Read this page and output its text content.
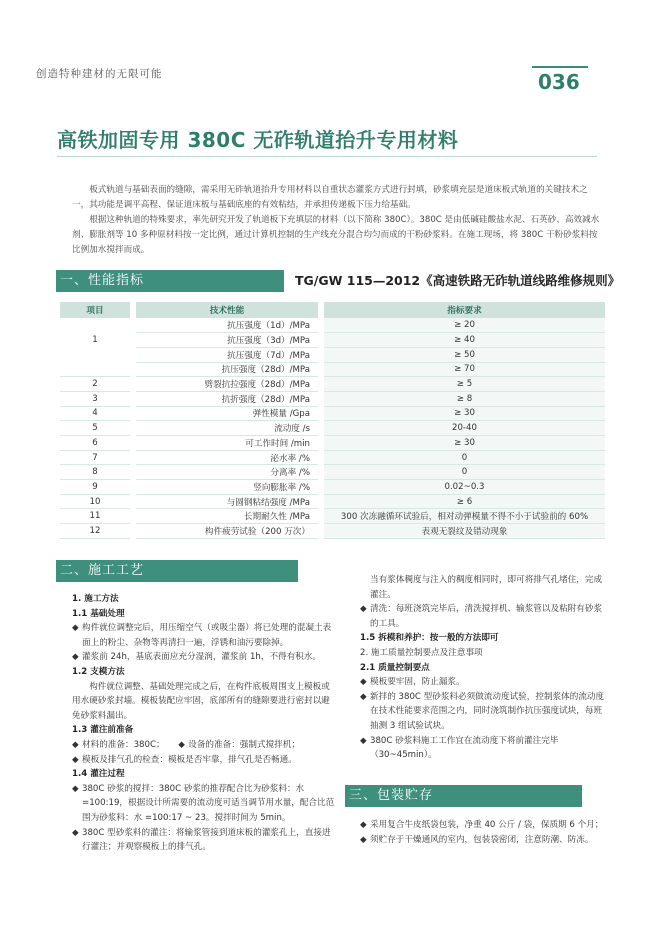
创造特种建材的无限可能	036
高铁加固专用 380C 无砟轨道抬升专用材料

板式轨道与基础表面的缝隙，需采用无砟轨道抬升专用材料以自重状态灌浆方式进行封填，砂浆填充层是道床板式轨道的关键技术之一，其功能是调平高程、保证道床板与基础底座的有效粘结，并承担传递板下压力给基础。

根据这种轨道的特殊要求，率先研究开发了轨道板下充填层的材料（以下简称 380C）。380C 是由低碱硅酸盐水泥、石英砂、高效减水剂、膨胀剂等 10 多种原材料按一定比例，通过计算机控制的生产线充分混合均匀而成的干粉砂浆料。在施工现场，将 380C 干粉砂浆料按比例加水搅拌而成。

一、性能指标	TG/GW 115—2012《高速铁路无砟轨道线路维修规则》
项目		技术性能		指标要求
		抗压强度（1d）/MPa		≥ 20
1		抗压强度（3d）/MPa		≥ 40
		抗压强度（7d）/MPa		≥ 50
		抗压强度（28d）/MPa		≥ 70
2		劈裂抗拉强度（28d）/MPa		≥ 5
3		抗折强度（28d）/MPa		≥ 8
4		弹性模量 /Gpa		≥ 30
5		流动度 /s		20-40
6		可工作时间 /min		≥ 30
7		泌水率 /%		0
8		分离率 /%		0
9		竖向膨胀率 /%		0.02~0.3
10		与圆钢粘结强度 /MPa		≥ 6
11		长期耐久性 /MPa		300 次冻融循环试验后，相对动弹模量不得不小于试验前的 60%
12		构件疲劳试验（200 万次）		表观无裂纹及错动现象
二、施工工艺
1. 施工方法
1.1 基础处理
◆ 构件就位调整完后，用压缩空气（或吸尘器）将已处理的混凝土表面上的粉尘、杂物等再清扫一遍，浮锈和油污要除掉。
◆ 灌浆前 24h，基底表面应充分湿润，灌浆前 1h，不得有积水。
1.2 支模方法
构件就位调整、基础处理完成之后，在构件底板周围支上模板或用水硬砂浆封墙。模板装配应牢固，底部所有的缝隙要进行密封以避免砂浆料漏出。
1.3 灌注前准备
◆ 材料的准备：380C； ◆ 设备的准备：强制式搅拌机；
◆ 模板及排气孔的检查：模板是否牢靠，排气孔是否畅通。
1.4 灌注过程
◆ 380C 砂浆的搅拌：380C 砂浆的推荐配合比为砂浆料：水 =100:19，根据设计所需要的流动度可适当调节用水量，配合比范围为砂浆料：水 =100:17 ~ 23。搅拌时间为 5min。
◆ 380C 型砂浆料的灌注：将输浆管接到道床板的灌浆孔上，直接进行灌注；并观察模板上的排气孔。
当有浆体稠度与注入的稠度相同时，即可将排气孔堵住，完成灌注。
◆ 清洗：每班浇筑完毕后，清洗搅拌机、输浆管以及粘附有砂浆的工具。
1.5 拆模和养护：按一般的方法即可
2. 施工质量控制要点及注意事项
2.1 质量控制要点
◆ 模板要牢固，防止漏浆。
◆ 新拌的 380C 型砂浆料必须做流动度试验，控制浆体的流动度在技术性能要求范围之内，同时浇筑制作抗压强度试块，每班抽测 3 组试验试块。
◆ 380C 砂浆料施工工作宜在流动度下将前灌注完毕（30~45min）。
三、包装贮存
◆ 采用复合牛皮纸袋包装，净重 40 公斤 / 袋，保质期 6 个月；
◆ 须贮存于干燥通风的室内，包装袋密闭，注意防潮、防冻。
